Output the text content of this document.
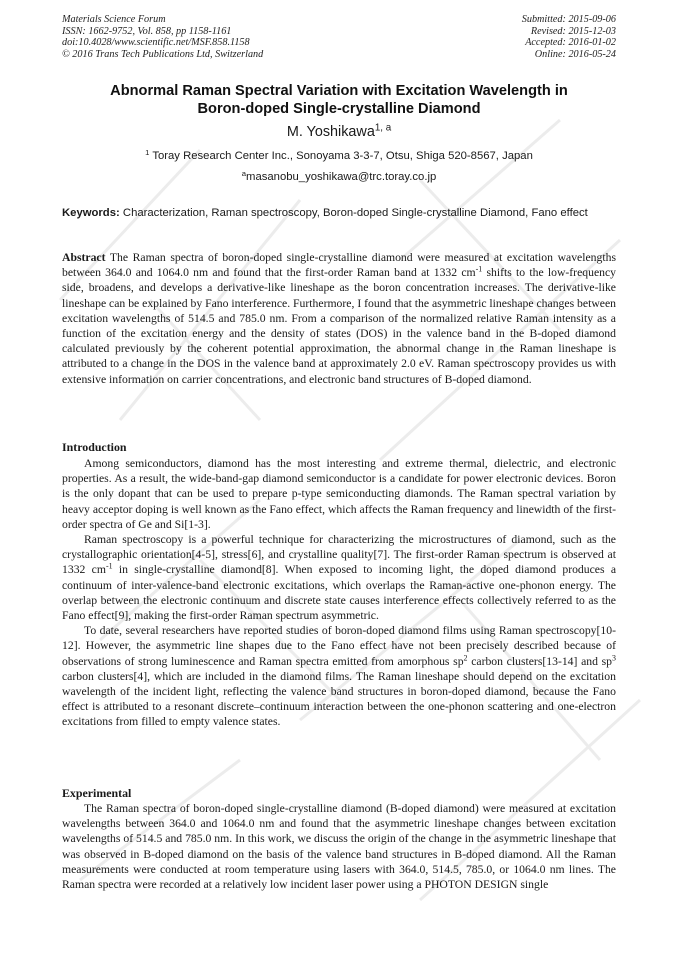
Materials Science Forum
ISSN: 1662-9752, Vol. 858, pp 1158-1161
doi:10.4028/www.scientific.net/MSF.858.1158
© 2016 Trans Tech Publications Ltd, Switzerland
Submitted: 2015-09-06
Revised: 2015-12-03
Accepted: 2016-01-02
Online: 2016-05-24
Abnormal Raman Spectral Variation with Excitation Wavelength in
Boron-doped Single-crystalline Diamond
M. Yoshikawa$^{1, a}$
$^1$ Toray Research Center Inc., Sonoyama 3-3-7, Otsu, Shiga 520-8567, Japan
$^a$masanobu_yoshikawa@trc.toray.co.jp
Keywords: Characterization, Raman spectroscopy, Boron-doped Single-crystalline Diamond, Fano effect
Abstract The Raman spectra of boron-doped single-crystalline diamond were measured at excitation wavelengths between 364.0 and 1064.0 nm and found that the first-order Raman band at 1332 $cm^{-1}$ shifts to the low-frequency side, broadens, and develops a derivative-like lineshape as the boron concentration increases. The derivative-like lineshape can be explained by Fano interference. Furthermore, I found that the asymmetric lineshape changes between excitation wavelengths of 514.5 and 785.0 nm. From a comparison of the normalized relative Raman intensity as a function of the excitation energy and the density of states (DOS) in the valence band in the B-doped diamond calculated previously by the coherent potential approximation, the abnormal change in the Raman lineshape is attributed to a change in the DOS in the valence band at approximately 2.0 eV. Raman spectroscopy provides us with extensive information on carrier concentrations, and electronic band structures of B-doped diamond.
Introduction

Among semiconductors, diamond has the most interesting and extreme thermal, dielectric, and electronic properties. As a result, the wide-band-gap diamond semiconductor is a candidate for power electronic devices. Boron is the only dopant that can be used to prepare p-type semiconducting diamonds. The Raman spectral variation by heavy acceptor doping is well known as the Fano effect, which affects the Raman frequency and linewidth of the first-order spectra of Ge and Si[1-3].

Raman spectroscopy is a powerful technique for characterizing the microstructures of diamond, such as the crystallographic orientation[4-5], stress[6], and crystalline quality[7]. The first-order Raman spectrum is observed at 1332 $cm^{-1}$ in single-crystalline diamond[8]. When exposed to incoming light, the doped diamond produces a continuum of inter-valence-band electronic excitations, which overlaps the Raman-active one-phonon energy. The overlap between the electronic continuum and discrete state causes interference effects collectively referred to as the Fano effect[9], making the first-order Raman spectrum asymmetric.

To date, several researchers have reported studies of boron-doped diamond films using Raman spectroscopy[10-12]. However, the asymmetric line shapes due to the Fano effect have not been precisely described because of observations of strong luminescence and Raman spectra emitted from amorphous $sp^2$ carbon clusters[13-14] and $sp^3$ carbon clusters[4], which are included in the diamond films. The Raman lineshape should depend on the excitation wavelength of the incident light, reflecting the valence band structures in boron-doped diamond, because the Fano effect is attributed to a resonant discrete–continuum interaction between the one-phonon scattering and one-electron excitations from filled to empty valence states.

Experimental

The Raman spectra of boron-doped single-crystalline diamond (B-doped diamond) were measured at excitation wavelengths between 364.0 and 1064.0 nm and found that the asymmetric lineshape changes between excitation wavelengths of 514.5 and 785.0 nm. In this work, we discuss the origin of the change in the asymmetric lineshape that was observed in B-doped diamond on the basis of the valence band structures in B-doped diamond. All the Raman measurements were conducted at room temperature using lasers with 364.0, 514.5, 785.0, or 1064.0 nm lines. The Raman spectra were recorded at a relatively low incident laser power using a PHOTON DESIGN single
